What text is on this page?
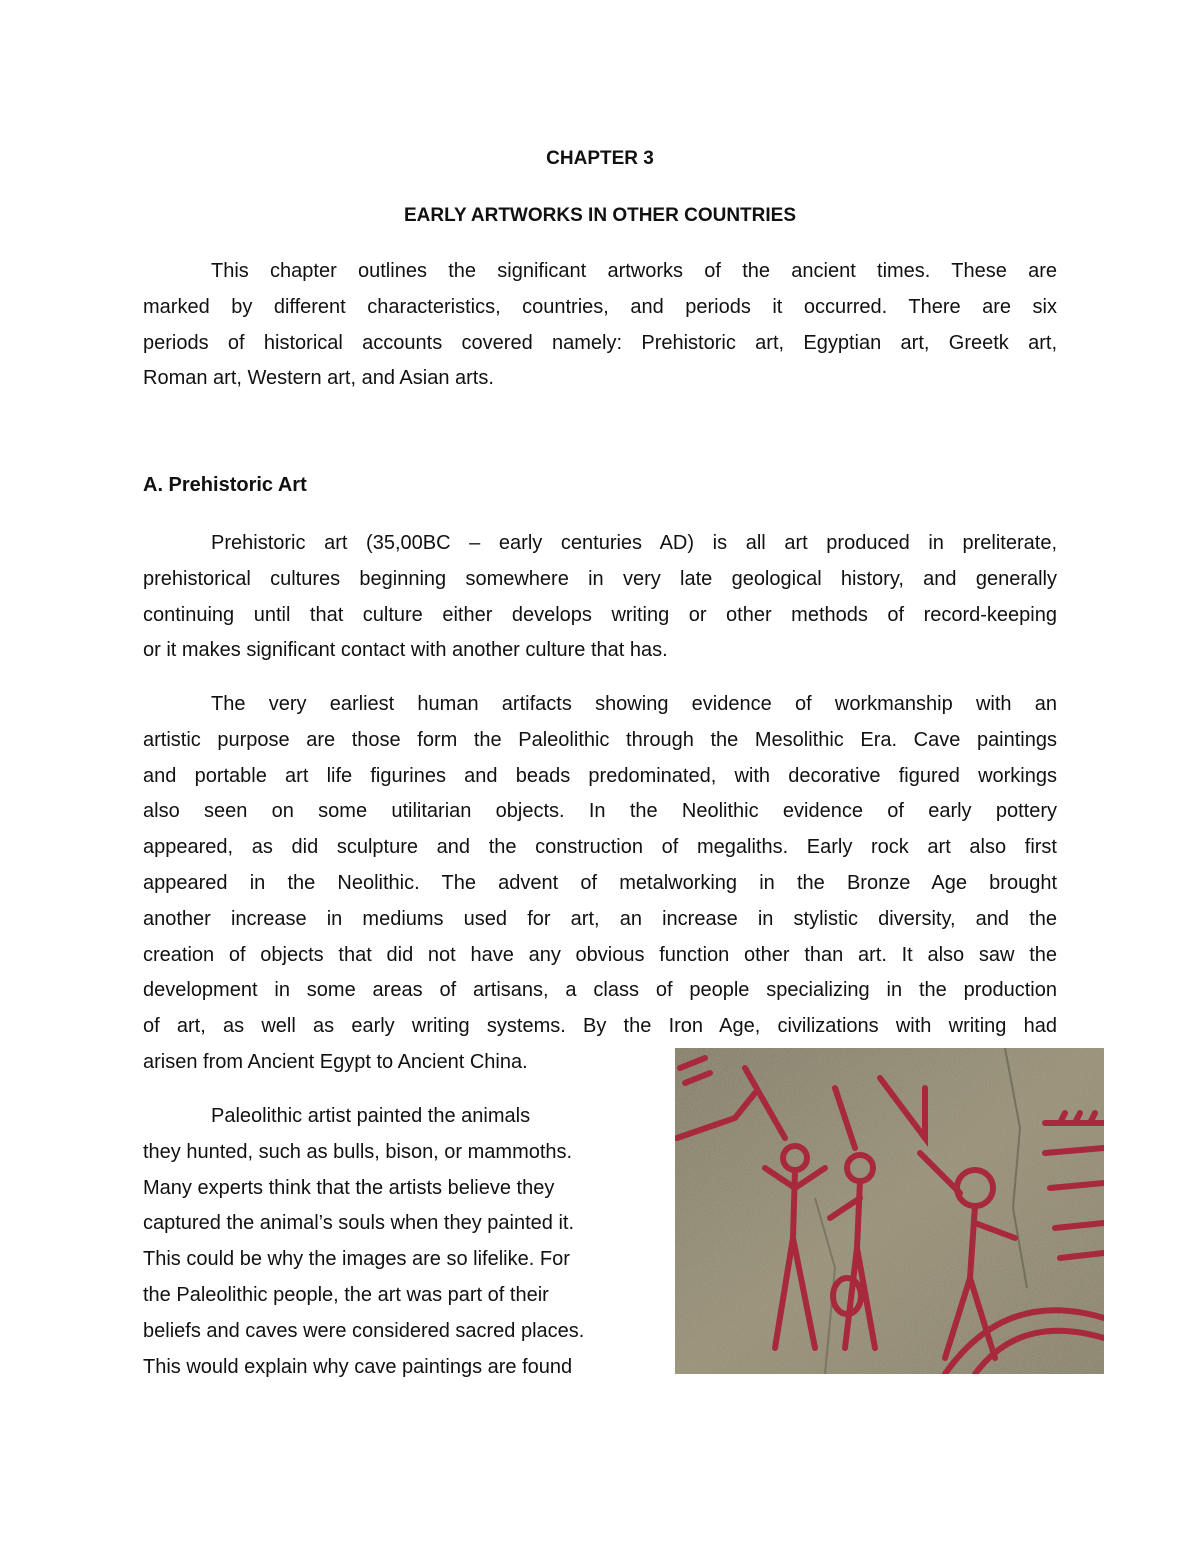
CHAPTER 3
EARLY ARTWORKS IN OTHER COUNTRIES

This chapter outlines the significant artworks of the ancient times. These are
marked by different characteristics, countries, and periods it occurred. There are six
periods of historical accounts covered namely: Prehistoric art, Egyptian art, Greetk art,
Roman art, Western art, and Asian arts.

A. Prehistoric Art

Prehistoric art (35,00BC – early centuries AD) is all art produced in preliterate,
prehistorical cultures beginning somewhere in very late geological history, and generally
continuing until that culture either develops writing or other methods of record-keeping
or it makes significant contact with another culture that has.

The very earliest human artifacts showing evidence of workmanship with an
artistic purpose are those form the Paleolithic through the Mesolithic Era. Cave paintings
and portable art life figurines and beads predominated, with decorative figured workings
also seen on some utilitarian objects. In the Neolithic evidence of early pottery
appeared, as did sculpture and the construction of megaliths. Early rock art also first
appeared in the Neolithic. The advent of metalworking in the Bronze Age brought
another increase in mediums used for art, an increase in stylistic diversity, and the
creation of objects that did not have any obvious function other than art. It also saw the
development in some areas of artisans, a class of people specializing in the production
of art, as well as early writing systems. By the Iron Age, civilizations with writing had
arisen from Ancient Egypt to Ancient China.

Paleolithic artist painted the animals
they hunted, such as bulls, bison, or mammoths.
Many experts think that the artists believe they
captured the animal’s souls when they painted it.
This could be why the images are so lifelike. For
the Paleolithic people, the art was part of their
beliefs and caves were considered sacred places.
This would explain why cave paintings are found
